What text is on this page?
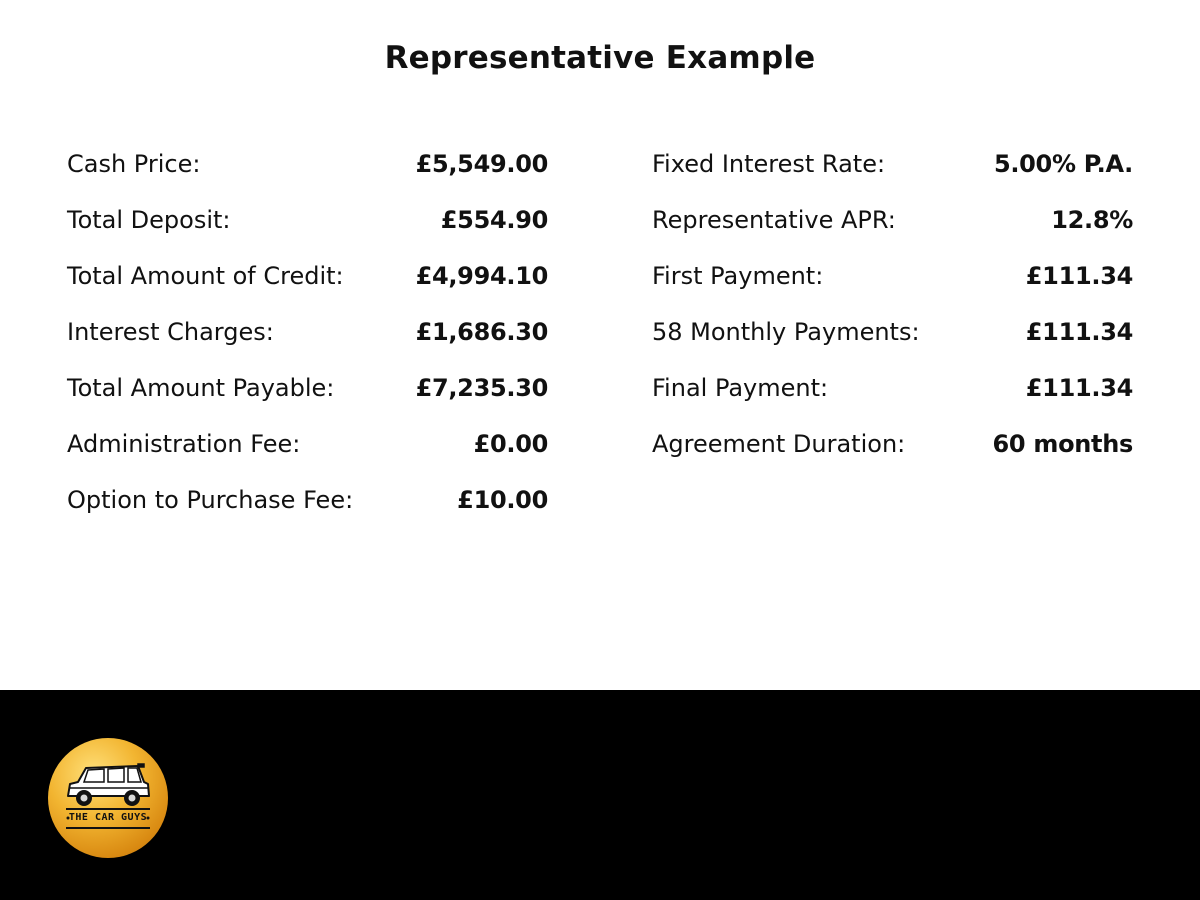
Representative Example
Cash Price:	£5,549.00
Total Deposit:	£554.90
Total Amount of Credit:	£4,994.10
Interest Charges:	£1,686.30
Total Amount Payable:	£7,235.30
Administration Fee:	£0.00
Option to Purchase Fee:	£10.00
Fixed Interest Rate:	5.00% P.A.
Representative APR:	12.8%
First Payment:	£111.34
58 Monthly Payments:	£111.34
Final Payment:	£111.34
Agreement Duration:	60 months
THE CAR GUYS
